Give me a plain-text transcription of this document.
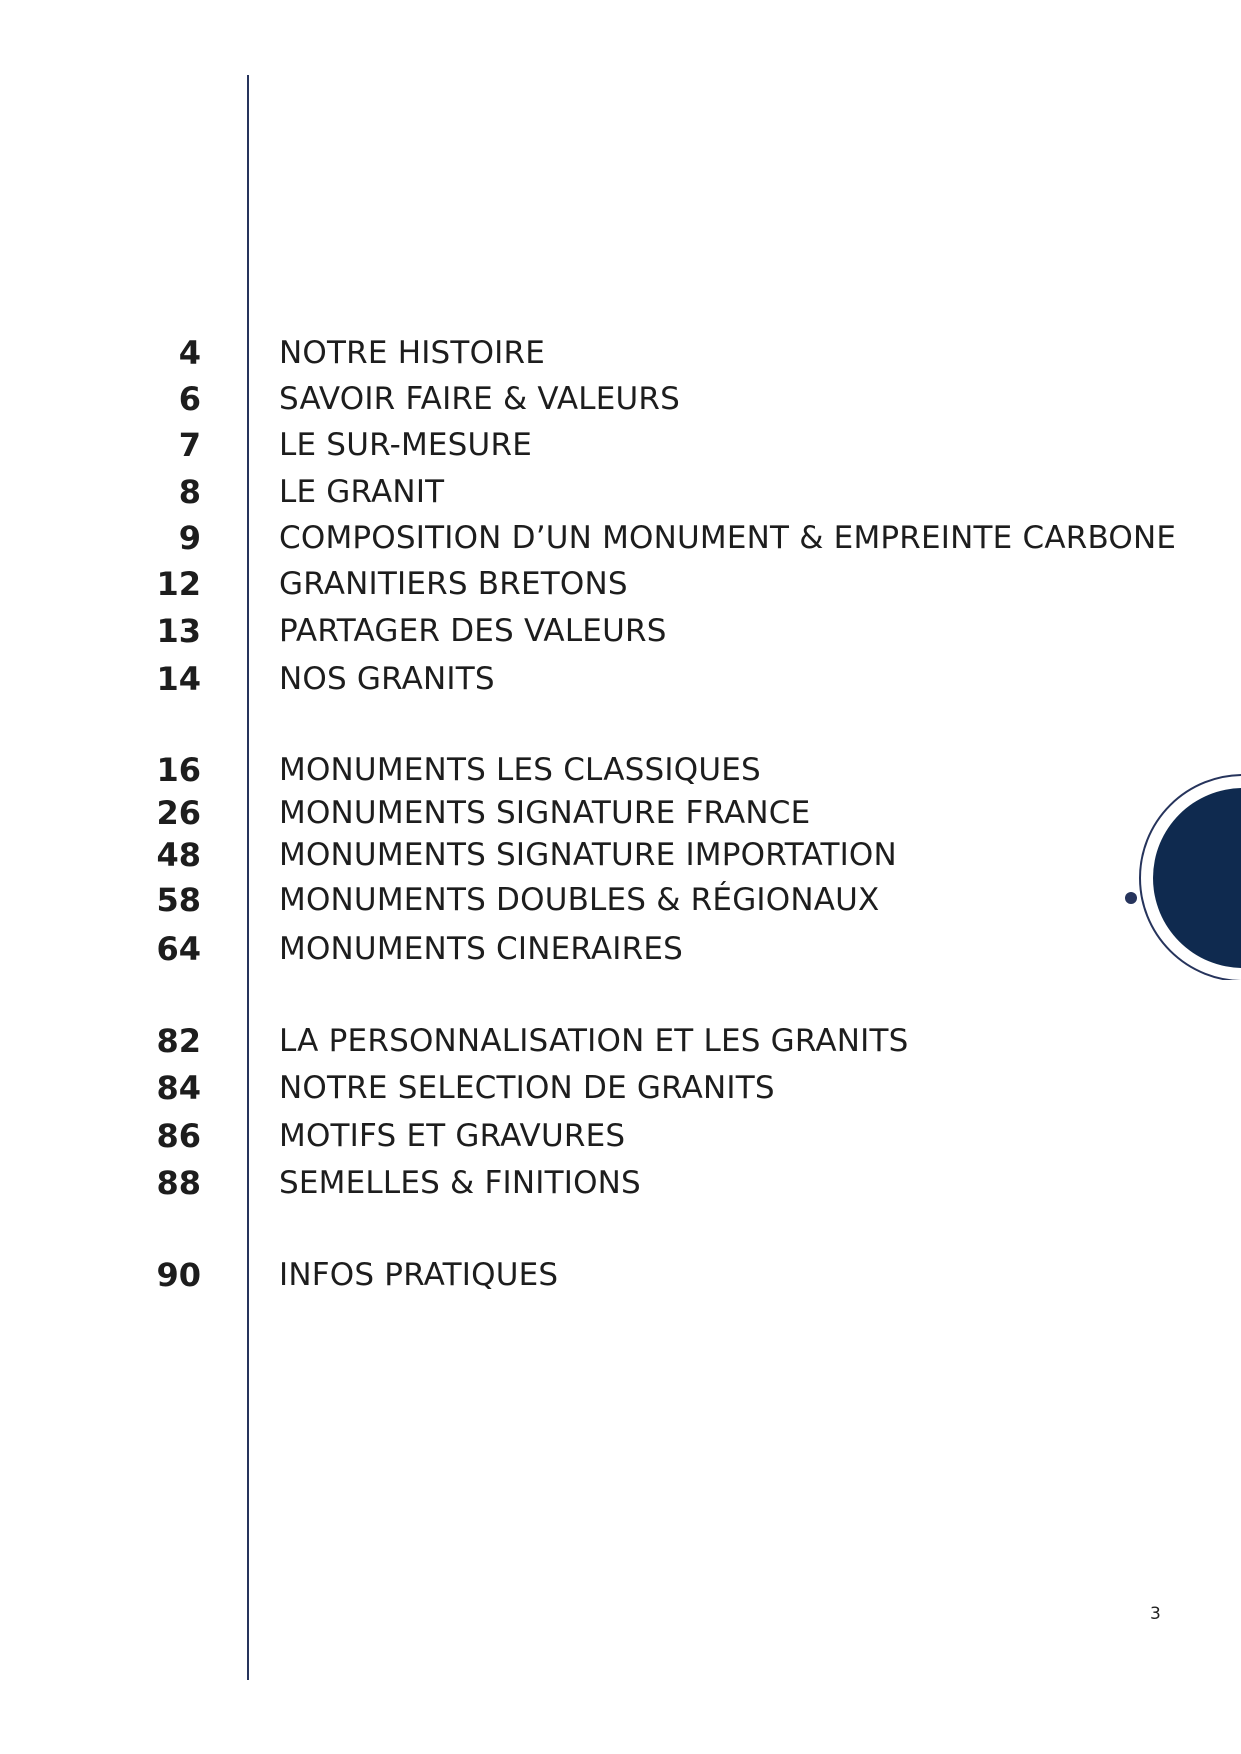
4	NOTRE HISTOIRE
6	SAVOIR FAIRE & VALEURS
7	LE SUR-MESURE
8	LE GRANIT
9	COMPOSITION D’UN MONUMENT & EMPREINTE CARBONE
12	GRANITIERS BRETONS
13	PARTAGER DES VALEURS
14	NOS GRANITS
16	MONUMENTS LES CLASSIQUES
26	MONUMENTS SIGNATURE FRANCE
48	MONUMENTS SIGNATURE IMPORTATION
58	MONUMENTS DOUBLES & RÉGIONAUX
64	MONUMENTS CINERAIRES
82	LA PERSONNALISATION ET LES GRANITS
84	NOTRE SELECTION DE GRANITS
86	MOTIFS ET GRAVURES
88	SEMELLES & FINITIONS
90	INFOS PRATIQUES
3
